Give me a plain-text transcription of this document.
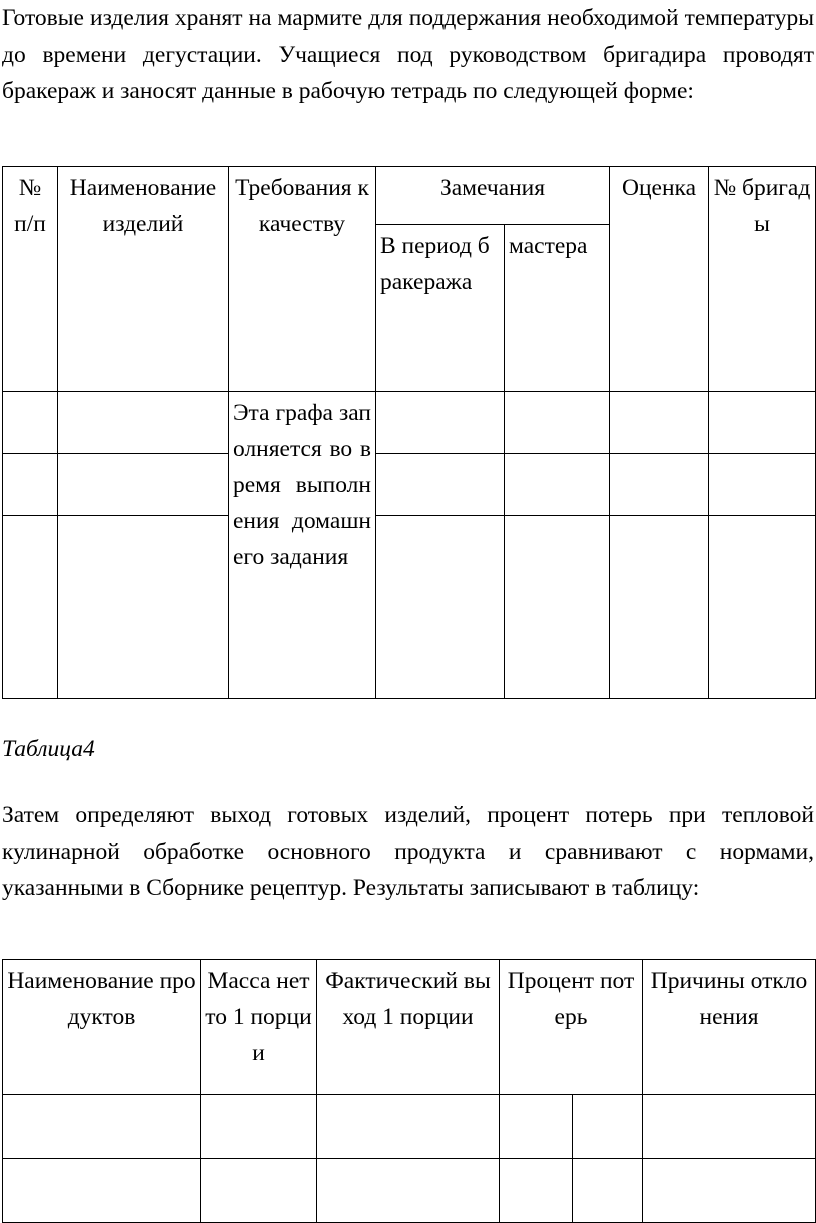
Готовые изделия хранят на мармите для поддержания необходимой температуры до времени дегустации. Учащиеся под руководством бригадира проводят бракераж и заносят данные в рабочую тетрадь по следующей форме:

№ п/п	Наименование изделий	Требования к качеству	Замечания		Оценка	№ бригады
			В период бракеража	мастера		
		Эта графа заполняется во время выполнения домашнего задания				

Таблица4

Затем определяют выход готовых изделий, процент потерь при тепловой кулинарной обработке основного продукта и сравнивают с нормами, указанными в Сборнике рецептур. Результаты записывают в таблицу:

Наименование продуктов	Масса нетто 1 порции	Фактический выход 1 порции	Процент потерь		Причины отклонения
